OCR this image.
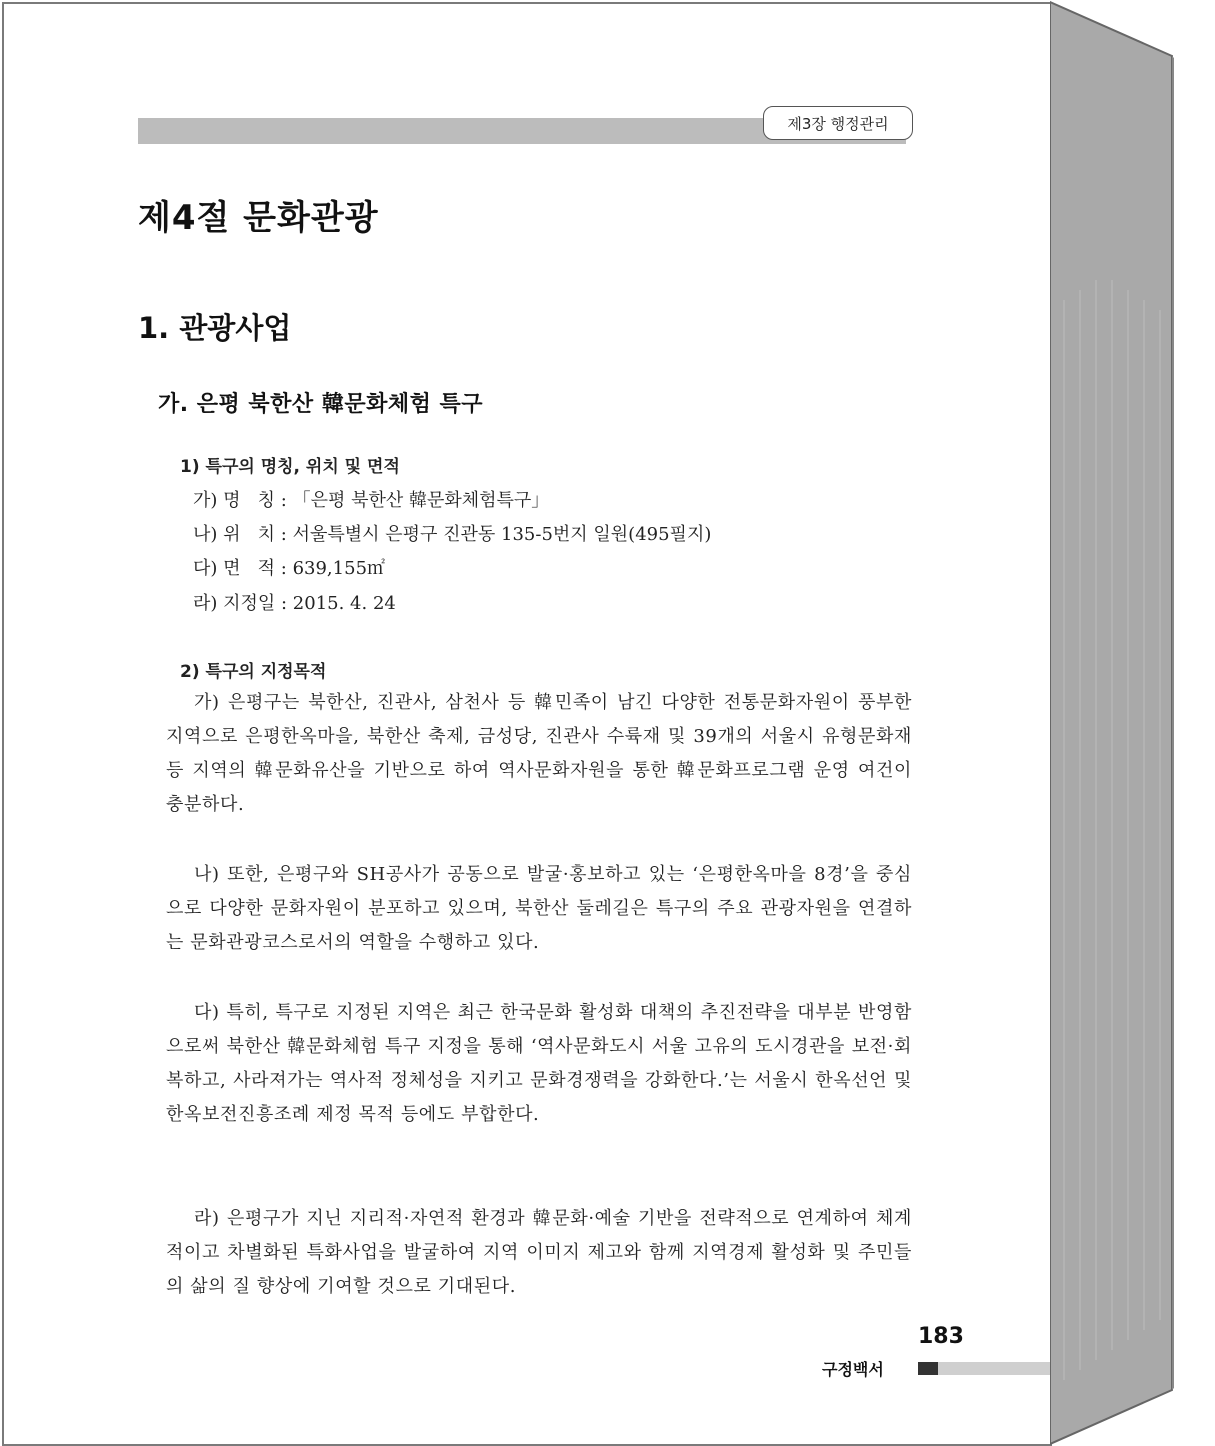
제3장 행정관리
제4절 문화관광
1. 관광사업
가. 은평 북한산 韓문화체험 특구
1) 특구의 명칭, 위치 및 면적

가) 명   칭 : 「은평 북한산 韓문화체험특구」

나) 위   치 : 서울특별시 은평구 진관동 135-5번지 일원(495필지)

다) 면   적 : 639,155㎡

라) 지정일 : 2015. 4. 24

2) 특구의 지정목적

가) 은평구는 북한산, 진관사, 삼천사 등 韓민족이 남긴 다양한 전통문화자원이 풍부한 지역으로 은평한옥마을, 북한산 축제, 금성당, 진관사 수륙재 및 39개의 서울시 유형문화재 등 지역의 韓문화유산을 기반으로 하여 역사문화자원을 통한 韓문화프로그램 운영 여건이 충분하다.

나) 또한, 은평구와 SH공사가 공동으로 발굴·홍보하고 있는 ‘은평한옥마을 8경’을 중심으로 다양한 문화자원이 분포하고 있으며, 북한산 둘레길은 특구의 주요 관광자원을 연결하는 문화관광코스로서의 역할을 수행하고 있다.

다) 특히, 특구로 지정된 지역은 최근 한국문화 활성화 대책의 추진전략을 대부분 반영함으로써 북한산 韓문화체험 특구 지정을 통해 ‘역사문화도시 서울 고유의 도시경관을 보전·회복하고, 사라져가는 역사적 정체성을 지키고 문화경쟁력을 강화한다.’는 서울시 한옥선언 및 한옥보전진흥조례 제정 목적 등에도 부합한다.

라) 은평구가 지닌 지리적·자연적 환경과 韓문화·예술 기반을 전략적으로 연계하여 체계적이고 차별화된 특화사업을 발굴하여 지역 이미지 제고와 함께 지역경제 활성화 및 주민들의 삶의 질 향상에 기여할 것으로 기대된다.

183
구정백서
